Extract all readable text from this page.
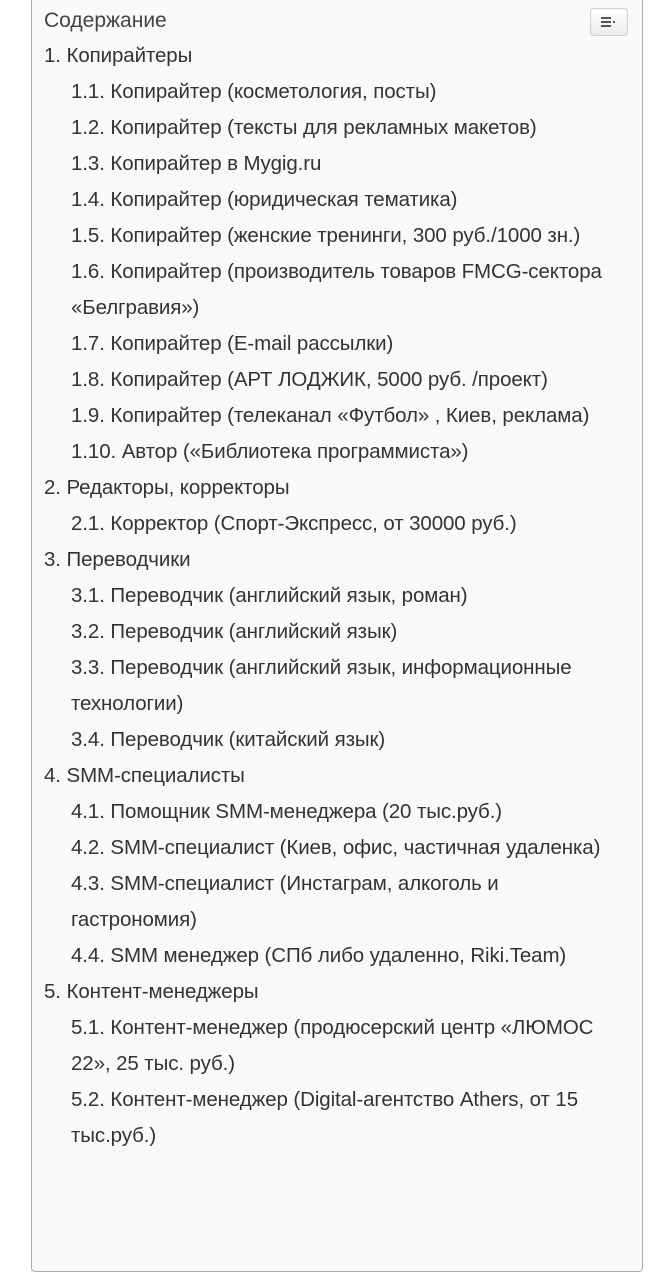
Содержание
1. Копирайтеры
1.1. Копирайтер (косметология, посты)
1.2. Копирайтер (тексты для рекламных макетов)
1.3. Копирайтер в Mygig.ru
1.4. Копирайтер (юридическая тематика)
1.5. Копирайтер (женские тренинги, 300 руб./1000 зн.)
1.6. Копирайтер (производитель товаров FMCG-сектора «Белгравия»)
1.7. Копирайтер (E-mail рассылки)
1.8. Копирайтер (АРТ ЛОДЖИК, 5000 руб. /проект)
1.9. Копирайтер (телеканал «Футбол» , Киев, реклама)
1.10. Автор («Библиотека программиста»)
2. Редакторы, корректоры
2.1. Корректор (Спорт-Экспресс, от 30000 руб.)
3. Переводчики
3.1. Переводчик (английский язык, роман)
3.2. Переводчик (английский язык)
3.3. Переводчик (английский язык, информационные технологии)
3.4. Переводчик (китайский язык)
4. SMM-специалисты
4.1. Помощник SMM-менеджера (20 тыс.руб.)
4.2. SMM-специалист (Киев, офис, частичная удаленка)
4.3. SMM-специалист (Инстаграм, алкоголь и гастрономия)
4.4. SMM менеджер (СПб либо удаленно, Riki.Team)
5. Контент-менеджеры
5.1. Контент-менеджер (продюсерский центр «ЛЮМОС 22», 25 тыс. руб.)
5.2. Контент-менеджер (Digital-агентство Athers, от 15 тыс.руб.)
